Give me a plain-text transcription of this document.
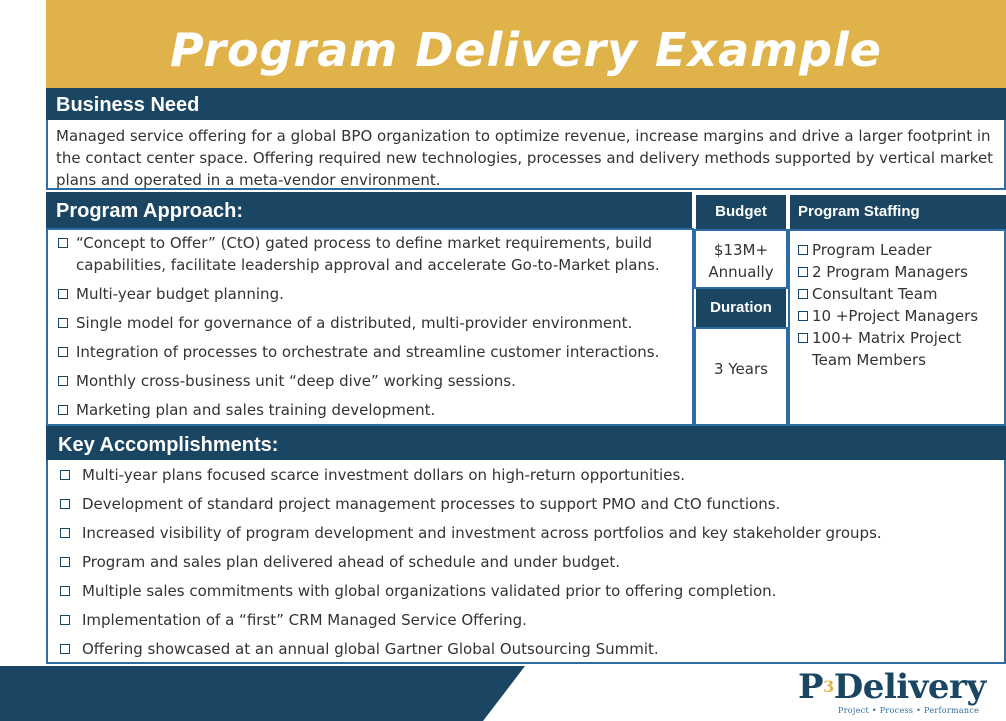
Program Delivery Example
Business Need
Managed service offering for a global BPO organization to optimize revenue, increase margins and drive a larger footprint in the contact center space. Offering required new technologies, processes and delivery methods supported by vertical market plans and operated in a meta-vendor environment.
Program Approach:
“Concept to Offer” (CtO) gated process to define market requirements, build capabilities, facilitate leadership approval and accelerate Go-to-Market plans.
Multi-year budget planning.
Single model for governance of a distributed, multi-provider environment.
Integration of processes to orchestrate and streamline customer interactions.
Monthly cross-business unit “deep dive” working sessions.
Marketing plan and sales training development.
Budget
$13M+
Annually
Duration
3 Years
Program Staffing
Program Leader
2 Program Managers
Consultant Team
10 +Project Managers
100+ Matrix Project Team Members
Key Accomplishments:
Multi-year plans focused scarce investment dollars on high-return opportunities.
Development of standard project management processes to support PMO and CtO functions.
Increased visibility of program development and investment across portfolios and key stakeholder groups.
Program and sales plan delivered ahead of schedule and under budget.
Multiple sales commitments with global organizations validated prior to offering completion.
Implementation of a “first” CRM Managed Service Offering.
Offering showcased at an annual global Gartner Global Outsourcing Summit.
$P^3Delivery$
Project • Process • Performance
